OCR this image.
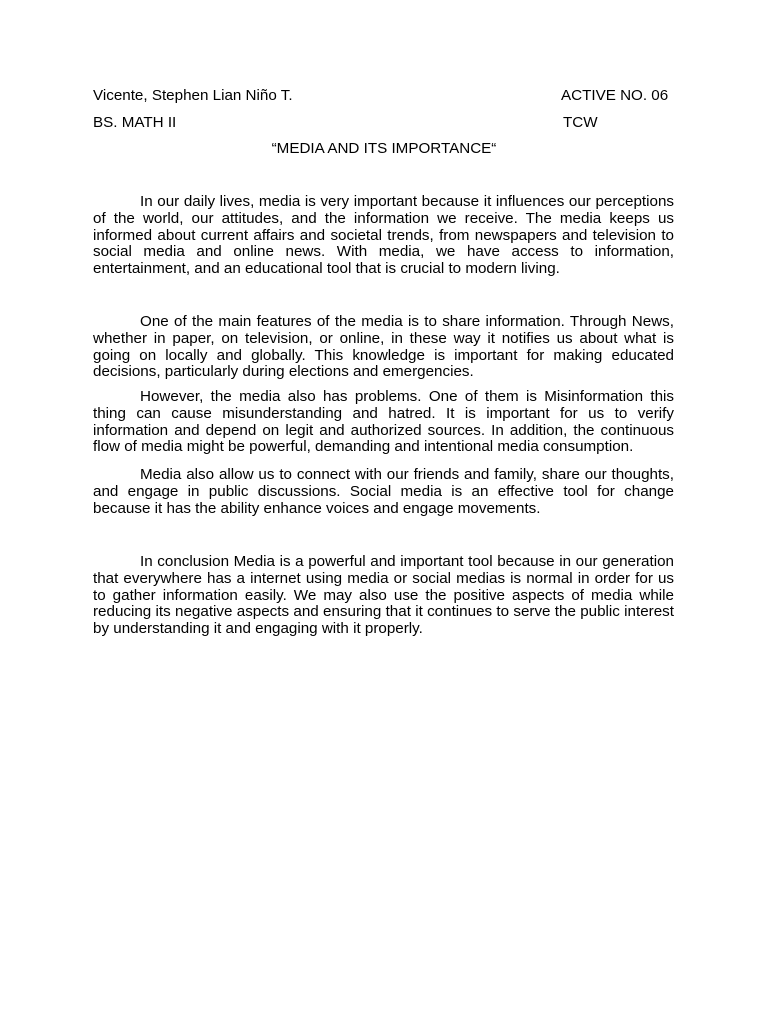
Vicente, Stephen Lian Niño T.	ACTIVE NO. 06
BS. MATH II	TCW
“MEDIA AND ITS IMPORTANCE“

In our daily lives, media is very important because it influences our perceptions of the world, our attitudes, and the information we receive. The media keeps us informed about current affairs and societal trends, from newspapers and television to social media and online news. With media, we have access to information, entertainment, and an educational tool that is crucial to modern living.

One of the main features of the media is to share information. Through News, whether in paper, on television, or online, in these way it notifies us about what is going on locally and globally. This knowledge is important for making educated decisions, particularly during elections and emergencies.

However, the media also has problems. One of them is Misinformation this thing can cause misunderstanding and hatred. It is important for us to verify information and depend on legit and authorized sources. In addition, the continuous flow of media might be powerful, demanding and intentional media consumption.

Media also allow us to connect with our friends and family, share our thoughts, and engage in public discussions. Social media is an effective tool for change because it has the ability enhance voices and engage movements.

In conclusion Media is a powerful and important tool because in our generation that everywhere has a internet using media or social medias is normal in order for us to gather information easily. We may also use the positive aspects of media while reducing its negative aspects and ensuring that it continues to serve the public interest by understanding it and engaging with it properly.
